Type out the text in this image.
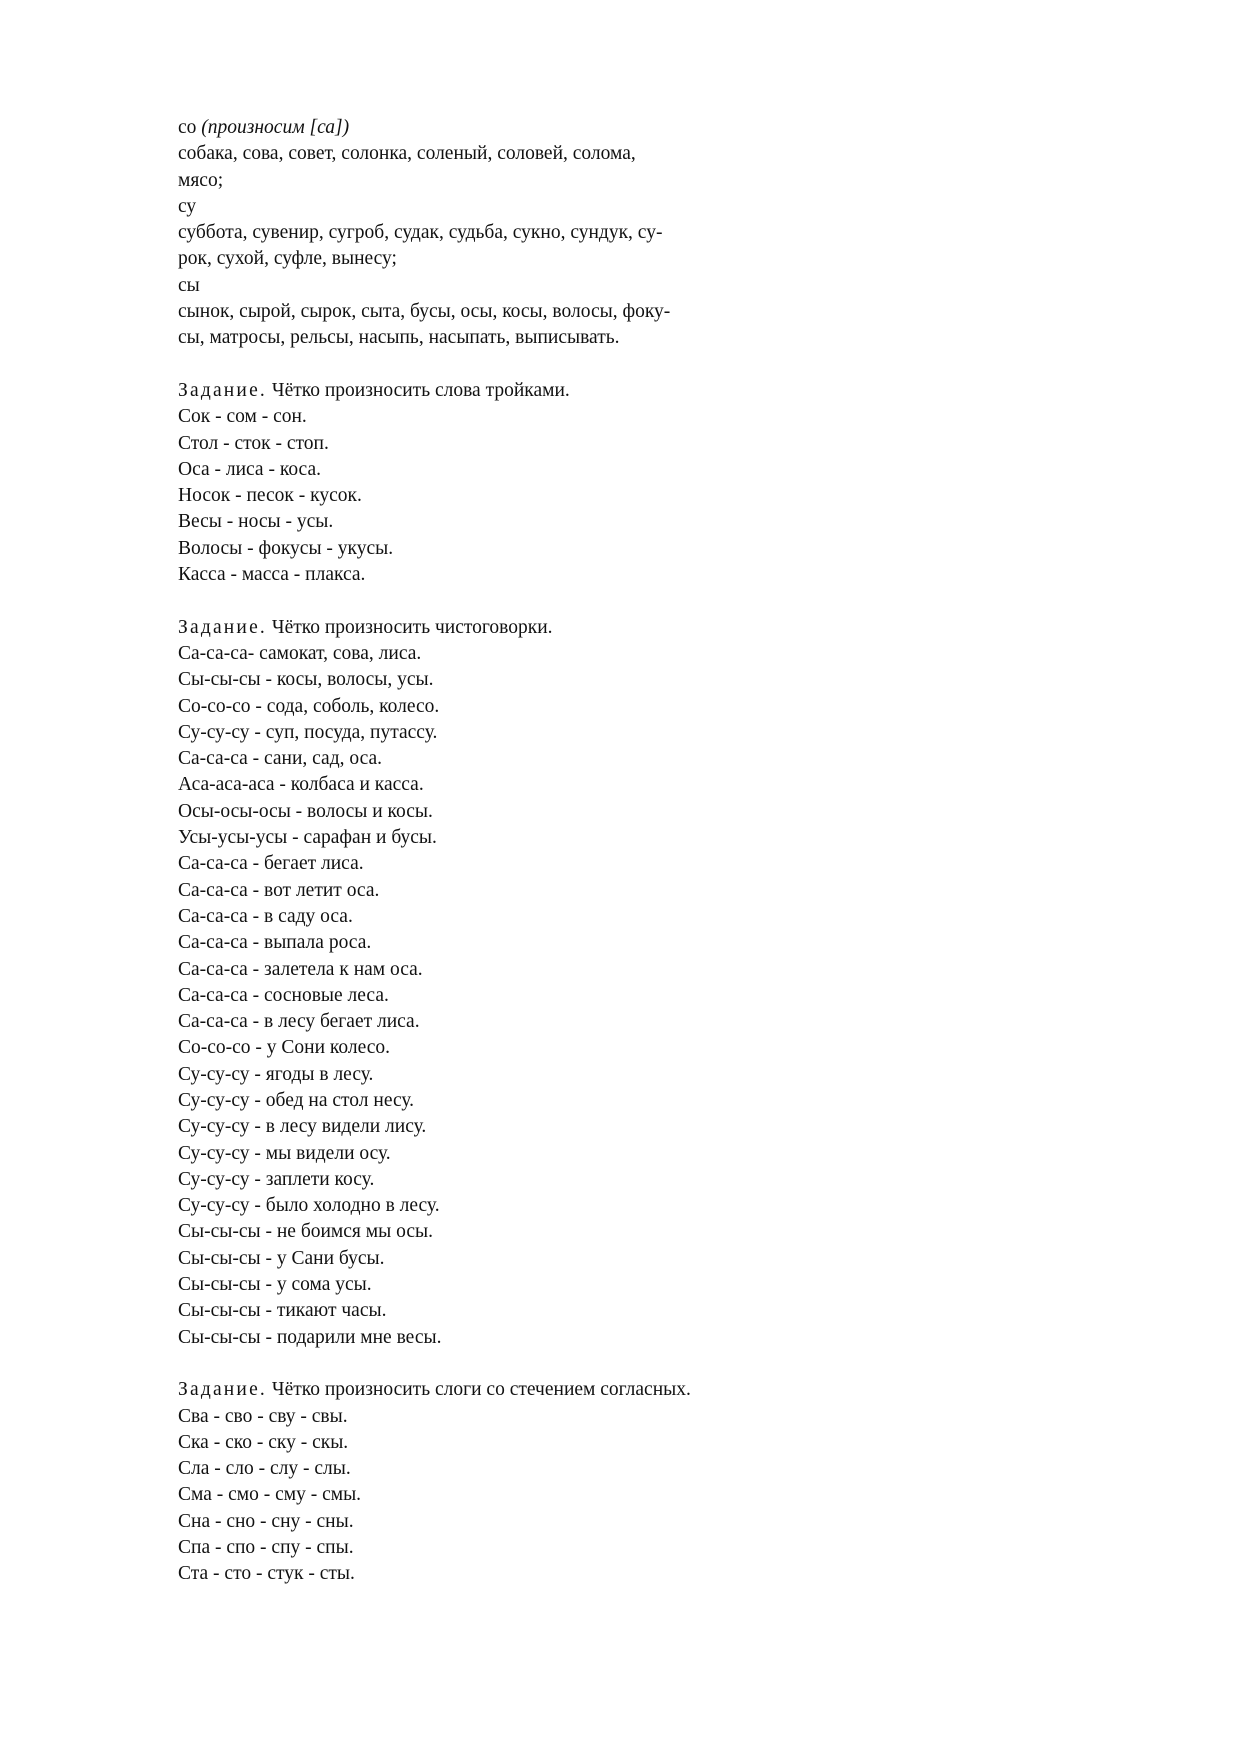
со (произносим [са])
собака, сова, совет, солонка, соленый, соловей, солома,
мясо;
су
суббота, сувенир, сугроб, судак, судьба, сукно, сундук, су-
рок, сухой, суфле, вынесу;
сы
сынок, сырой, сырок, сыта, бусы, осы, косы, волосы, фоку-
сы, матросы, рельсы, насыпь, насыпать, выписывать.
Задание. Чётко произносить слова тройками.
Сок - сом - сон.
Стол - сток - стоп.
Оса - лиса - коса.
Носок - песок - кусок.
Весы - носы - усы.
Волосы - фокусы - укусы.
Касса - масса - плакса.
Задание. Чётко произносить чистоговорки.
Са-са-са- самокат, сова, лиса.
Сы-сы-сы - косы, волосы, усы.
Со-со-со - сода, соболь, колесо.
Су-су-су - суп, посуда, путассу.
Са-са-са - сани, сад, оса.
Аса-аса-аса - колбаса и касса.
Осы-осы-осы - волосы и косы.
Усы-усы-усы - сарафан и бусы.
Са-са-са - бегает лиса.
Са-са-са - вот летит оса.
Са-са-са - в саду оса.
Са-са-са - выпала роса.
Са-са-са - залетела к нам оса.
Са-са-са - сосновые леса.
Са-са-са - в лесу бегает лиса.
Со-со-со - у Сони колесо.
Су-су-су - ягоды в лесу.
Су-су-су - обед на стол несу.
Су-су-су - в лесу видели лису.
Су-су-су - мы видели осу.
Су-су-су - заплети косу.
Су-су-су - было холодно в лесу.
Сы-сы-сы - не боимся мы осы.
Сы-сы-сы - у Сани бусы.
Сы-сы-сы - у сома усы.
Сы-сы-сы - тикают часы.
Сы-сы-сы - подарили мне весы.
Задание. Чётко произносить слоги со стечением согласных.
Сва - сво - сву - свы.
Ска - ско - ску - скы.
Сла - сло - слу - слы.
Сма - смо - сму - смы.
Сна - сно - сну - сны.
Спа - спо - спу - спы.
Ста - сто - стук - сты.
